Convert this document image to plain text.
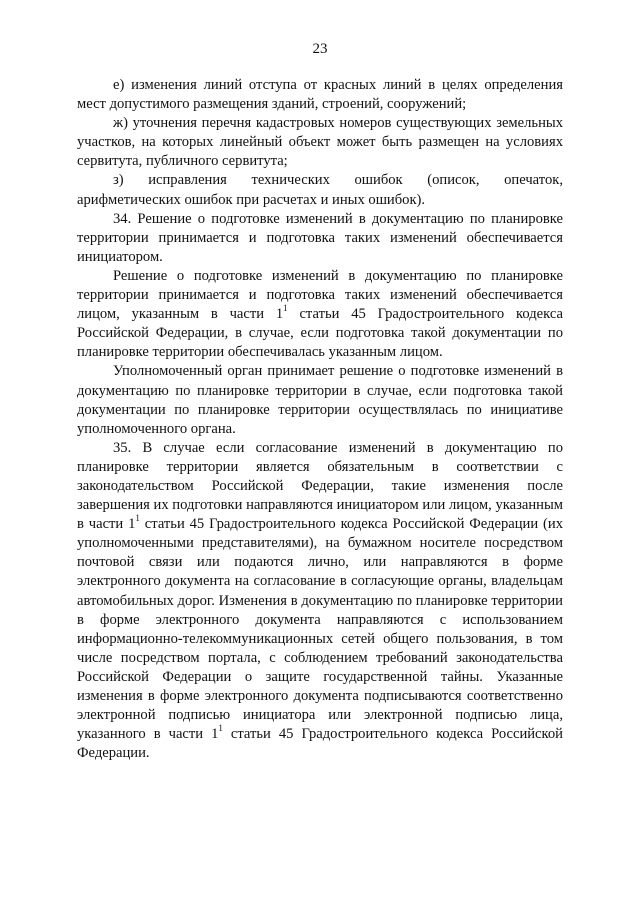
23

е) изменения линий отступа от красных линий в целях определения мест допустимого размещения зданий, строений, сооружений;

ж) уточнения перечня кадастровых номеров существующих земельных участков, на которых линейный объект может быть размещен на условиях сервитута, публичного сервитута;

з) исправления технических ошибок (описок, опечаток, арифметических ошибок при расчетах и иных ошибок).

34. Решение о подготовке изменений в документацию по планировке территории принимается и подготовка таких изменений обеспечивается инициатором.

Решение о подготовке изменений в документацию по планировке территории принимается и подготовка таких изменений обеспечивается лицом, указанным в части $1^1$ статьи 45 Градостроительного кодекса Российской Федерации, в случае, если подготовка такой документации по планировке территории обеспечивалась указанным лицом.

Уполномоченный орган принимает решение о подготовке изменений в документацию по планировке территории в случае, если подготовка такой документации по планировке территории осуществлялась по инициативе уполномоченного органа.

35. В случае если согласование изменений в документацию по планировке территории является обязательным в соответствии с законодательством Российской Федерации, такие изменения после завершения их подготовки направляются инициатором или лицом, указанным в части $1^1$ статьи 45 Градостроительного кодекса Российской Федерации (их уполномоченными представителями), на бумажном носителе посредством почтовой связи или подаются лично, или направляются в форме электронного документа на согласование в согласующие органы, владельцам автомобильных дорог. Изменения в документацию по планировке территории в форме электронного документа направляются с использованием информационно-телекоммуникационных сетей общего пользования, в том числе посредством портала, с соблюдением требований законодательства Российской Федерации о защите государственной тайны. Указанные изменения в форме электронного документа подписываются соответственно электронной подписью инициатора или электронной подписью лица, указанного в части $1^1$ статьи 45 Градостроительного кодекса Российской Федерации.
